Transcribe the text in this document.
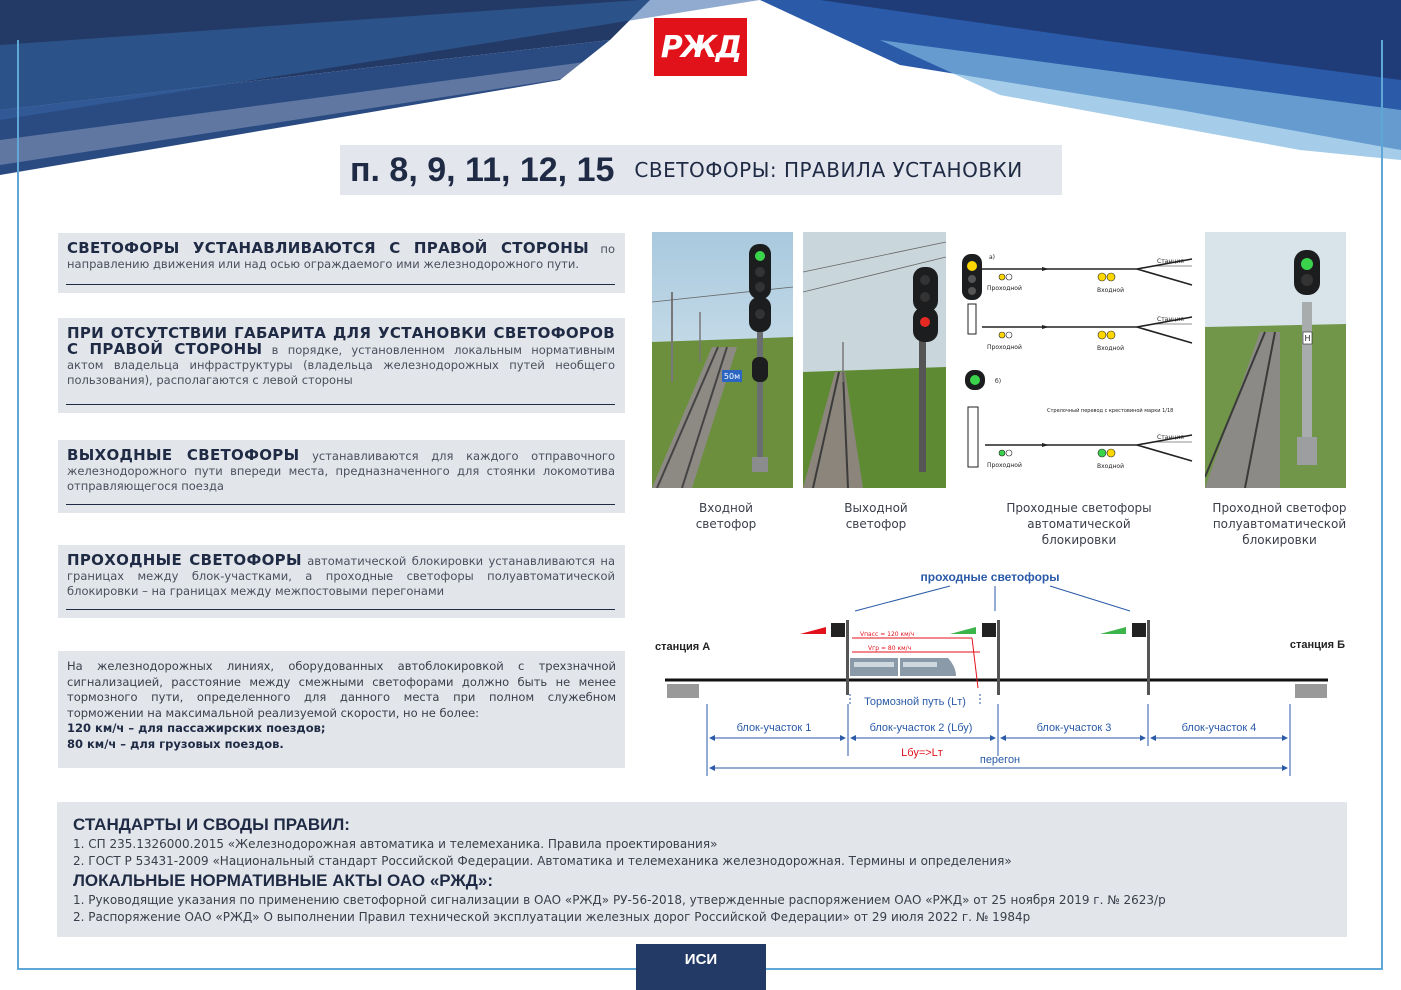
РЖД
п. 8, 9, 11, 12, 15 СВЕТОФОРЫ: ПРАВИЛА УСТАНОВКИ

СВЕТОФОРЫ УСТАНАВЛИВАЮТСЯ С ПРАВОЙ СТОРОНЫ по направлению движения или над осью ограждаемого ими железнодорожного пути.

ПРИ ОТСУТСТВИИ ГАБАРИТА ДЛЯ УСТАНОВКИ СВЕТОФОРОВ С ПРАВОЙ СТОРОНЫ в порядке, установленном локальным нормативным актом владельца инфраструктуры (владельца железнодорожных путей необщего пользования), располагаются с левой стороны

ВЫХОДНЫЕ СВЕТОФОРЫ устанавливаются для каждого отправочного железнодорожного пути впереди места, предназначенного для стоянки локомотива отправляющегося поезда

ПРОХОДНЫЕ СВЕТОФОРЫ автоматической блокировки устанавливаются на границах между блок-участками, а проходные светофоры полуавтоматической блокировки – на границах между межпостовыми перегонами

На железнодорожных линиях, оборудованных автоблокировкой с трехзначной сигнализацией, расстояние между смежными светофорами должно быть не менее тормозного пути, определенного для данного места при полном служебном торможении на максимальной реализуемой скорости, но не более:
120 км/ч – для пассажирских поездов;
80 км/ч – для грузовых поездов.
50м
Входной светофор
Выходной светофор
а)
Станция
Проходной	Входной
Станция
Проходной	Входной
б)
Стрелочный перевод с крестовиной марки 1/18
Станция
Проходной	Входной
Проходные светофоры автоматической блокировки
Н
Проходной светофор полуавтоматической блокировки
проходные светофоры
станция А	станция Б
Vпасс = 120 км/ч
Vгр = 80 км/ч
Тормозной путь (Lт)
блок-участок 1	блок-участок 2 (Lбу)	блок-участок 3	блок-участок 4
Lбу=>Lт
перегон
СТАНДАРТЫ И СВОДЫ ПРАВИЛ:
1. СП 235.1326000.2015 «Железнодорожная автоматика и телемеханика. Правила проектирования»
2. ГОСТ Р 53431-2009 «Национальный стандарт Российской Федерации. Автоматика и телемеханика железнодорожная. Термины и определения»
ЛОКАЛЬНЫЕ НОРМАТИВНЫЕ АКТЫ ОАО «РЖД»:
1. Руководящие указания по применению светофорной сигнализации в ОАО «РЖД» РУ-56-2018, утвержденные распоряжением ОАО «РЖД» от 25 ноября 2019 г. № 2623/р
2. Распоряжение ОАО «РЖД» О выполнении Правил технической эксплуатации железных дорог Российской Федерации» от 29 июля 2022 г. № 1984р
ИСИ
